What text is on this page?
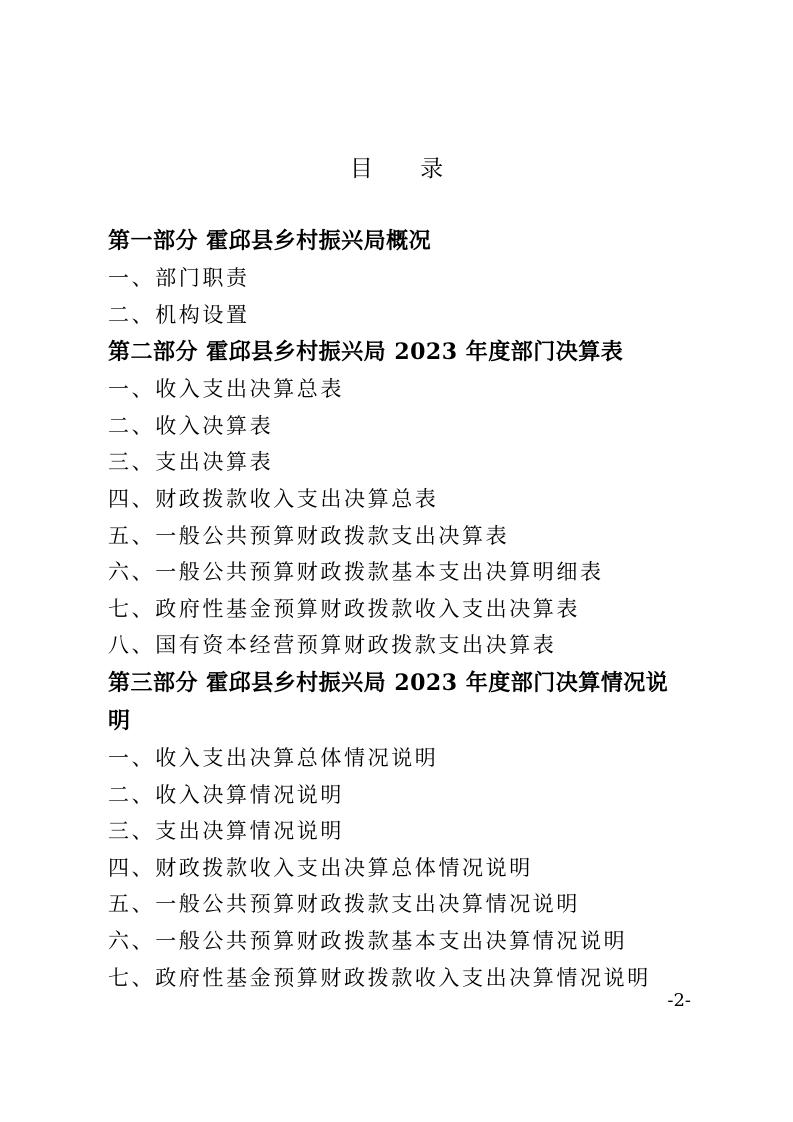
目 录
第一部分 霍邱县乡村振兴局概况
一、部门职责
二、机构设置
第二部分 霍邱县乡村振兴局 2023 年度部门决算表
一、收入支出决算总表
二、收入决算表
三、支出决算表
四、财政拨款收入支出决算总表
五、一般公共预算财政拨款支出决算表
六、一般公共预算财政拨款基本支出决算明细表
七、政府性基金预算财政拨款收入支出决算表
八、国有资本经营预算财政拨款支出决算表
第三部分 霍邱县乡村振兴局 2023 年度部门决算情况说
明
一、收入支出决算总体情况说明
二、收入决算情况说明
三、支出决算情况说明
四、财政拨款收入支出决算总体情况说明
五、一般公共预算财政拨款支出决算情况说明
六、一般公共预算财政拨款基本支出决算情况说明
七、政府性基金预算财政拨款收入支出决算情况说明
-2-
